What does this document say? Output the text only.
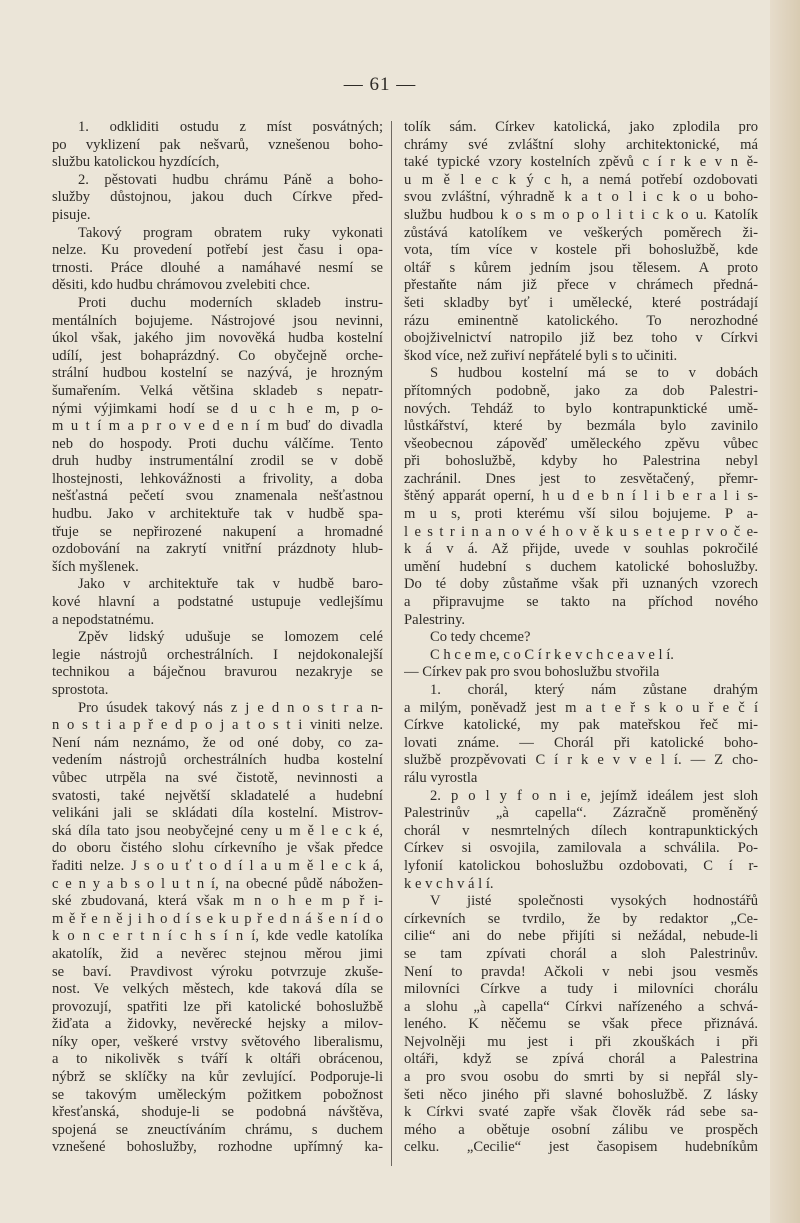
— 61 —
1. odkliditi ostudu z míst posvátných;
po vyklizení pak nešvarů, vznešenou boho-
službu katolickou hyzdících,
2. pěstovati hudbu chrámu Páně a boho-
služby důstojnou, jakou duch Církve před-
pisuje.
Takový program obratem ruky vykonati
nelze. Ku provedení potřebí jest času i opa-
trnosti. Práce dlouhé a namáhavé nesmí se
děsiti, kdo hudbu chrámovou zvelebiti chce.
Proti duchu moderních skladeb instru-
mentálních bojujeme. Nástrojové jsou nevinni,
úkol však, jakého jim novověká hudba kostelní
udílí, jest bohaprázdný. Co obyčejně orche-
strální hudbou kostelní se nazývá, je hrozným
šumařením. Velká většina skladeb s nepatr-
nými výjimkami hodí se d u c h e m, p o-
m u t í m a p r o v e d e n í m buď do divadla
neb do hospody. Proti duchu válčíme. Tento
druh hudby instrumentální zrodil se v době
lhostejnosti, lehkovážnosti a frivolity, a doba
nešťastná pečetí svou znamenala nešťastnou
hudbu. Jako v architektuře tak v hudbě spa-
třuje se nepřirozené nakupení a hromadné
ozdobování na zakrytí vnitřní prázdnoty hlub-
ších myšlenek.
Jako v architektuře tak v hudbě baro-
kové hlavní a podstatné ustupuje vedlejšímu
a nepodstatnému.
Zpěv lidský udušuje se lomozem celé
legie nástrojů orchestrálních. I nejdokonalejší
technikou a báječnou bravurou nezakryje se
sprostota.
Pro úsudek takový nás z j e d n o s t r a n-
n o s t i a p ř e d p o j a t o s t i viniti nelze.
Není nám neznámo, že od oné doby, co za-
vedením nástrojů orchestrálních hudba kostelní
vůbec utrpěla na své čistotě, nevinnosti a
svatosti, také největší skladatelé a hudební
velikáni jali se skládati díla kostelní. Mistrov-
ská díla tato jsou neobyčejné ceny u m ě l e c k é,
do oboru čistého slohu církevního je však předce
řaditi nelze. J s o u ť t o d í l a u m ě l e c k á,
c e n y a b s o l u t n í, na obecné půdě nábožen-
ské zbudovaná, která však m n o h e m p ř i-
m ě ř e n ě j i h o d í s e k u p ř e d n á š e n í d o
k o n c e r t n í c h s í n í, kde vedle katolíka
akatolík, žid a nevěrec stejnou měrou jimi
se baví. Pravdivost výroku potvrzuje zkuše-
nost. Ve velkých městech, kde taková díla se
provozují, spatřiti lze při katolické bohoslužbě
žiďata a židovky, nevěrecké hejsky a milov-
níky oper, veškeré vrstvy světového liberalismu,
a to nikolivěk s tváří k oltáři obrácenou,
nýbrž se sklíčky na kůr zevlující. Podporuje-li
se takovým uměleckým požitkem pobožnost
křesťanská, shoduje-li se podobná návštěva,
spojená se zneuctíváním chrámu, s duchem
vznešené bohoslužby, rozhodne upřímný ka-
tolík sám. Církev katolická, jako zplodila pro
chrámy své zvláštní slohy architektonické, má
také typické vzory kostelních zpěvů c í r k e v n ě-
u m ě l e c k ý c h, a nemá potřebí ozdobovati
svou zvláštní, výhradně k a t o l i c k o u boho-
službu hudbou k o s m o p o l i t i c k o u. Katolík
zůstává katolíkem ve veškerých poměrech ži-
vota, tím více v kostele při bohoslužbě, kde
oltář s kůrem jedním jsou tělesem. A proto
přestaňte nám již přece v chrámech předná-
šeti skladby byť i umělecké, které postrádají
rázu eminentně katolického. To nerozhodné
obojživelnictví natropilo již bez toho v Církvi
škod více, než zuřiví nepřátelé byli s to učiniti.
S hudbou kostelní má se to v dobách
přítomných podobně, jako za dob Palestri-
nových. Tehdáž to bylo kontrapunktické umě-
lůstkářství, které by bezmála bylo zavinilo
všeobecnou zápověď uměleckého zpěvu vůbec
při bohoslužbě, kdyby ho Palestrina nebyl
zachránil. Dnes jest to zesvětačený, přemr-
štěný apparát operní, h u d e b n í l i b e r a l i s-
m u s, proti kterému vší silou bojujeme. P a-
l e s t r i n a n o v é h o v ě k u s e t e p r v o č e-
k á v á. Až přijde, uvede v souhlas pokročilé
umění hudební s duchem katolické bohoslužby.
Do té doby zůstaňme však při uznaných vzorech
a připravujme se takto na příchod nového
Palestriny.
Co tedy chceme?
C h c e m e, c o C í r k e v c h c e a v e l í.
— Církev pak pro svou bohoslužbu stvořila
1. chorál, který nám zůstane drahým
a milým, poněvadž jest m a t e ř s k o u ř e č í
Církve katolické, my pak mateřskou řeč mi-
lovati známe. — Chorál při katolické boho-
službě prozpěvovati C í r k e v v e l í. — Z cho-
rálu vyrostla
2. p o l y f o n i e, jejímž ideálem jest sloh
Palestrinův „à capella“. Zázračně proměněný
chorál v nesmrtelných dílech kontrapunktických
Církev si osvojila, zamilovala a schválila. Po-
lyfonií katolickou bohoslužbu ozdobovati, C í r-
k e v c h v á l í.
V jisté společnosti vysokých hodnostářů
církevních se tvrdilo, že by redaktor „Ce-
cilie“ ani do nebe přijíti si nežádal, nebude-li
se tam zpívati chorál a sloh Palestrinův.
Není to pravda! Ačkoli v nebi jsou vesměs
milovníci Církve a tudy i milovníci chorálu
a slohu „à capella“ Církvi nařízeného a schvá-
leného. K něčemu se však přece přiznává.
Nejvolněji mu jest i při zkouškách i při
oltáři, když se zpívá chorál a Palestrina
a pro svou osobu do smrti by si nepřál sly-
šeti něco jiného při slavné bohoslužbě. Z lásky
k Církvi svaté zapře však člověk rád sebe sa-
mého a obětuje osobní zálibu ve prospěch
celku. „Cecilie“ jest časopisem hudebníkům
